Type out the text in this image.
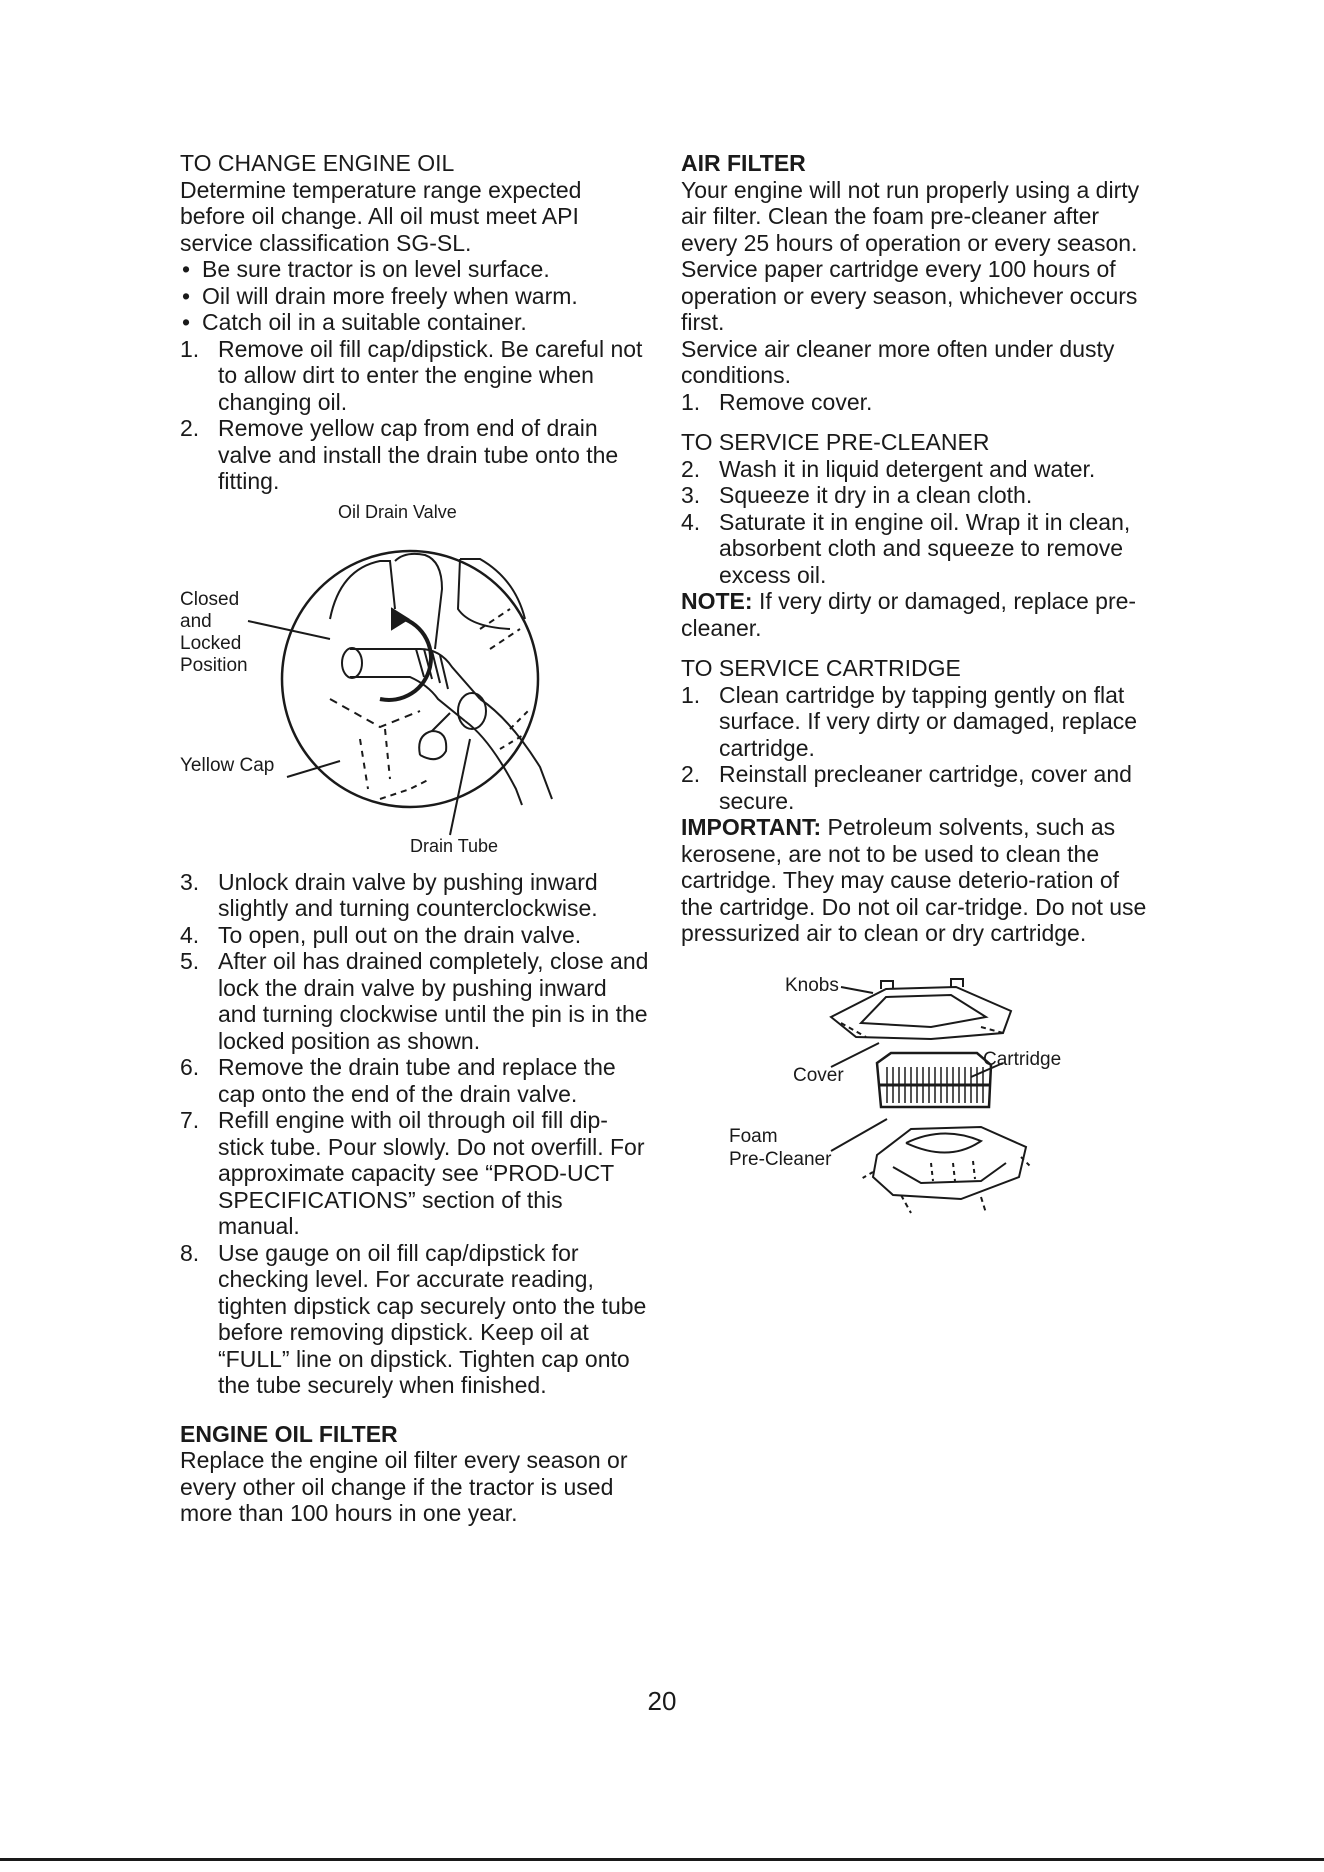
TO CHANGE ENGINE OIL

Determine temperature range expected before oil change. All oil must meet API service classification SG-SL.

• Be sure tractor is on level surface.
• Oil will drain more freely when warm.
• Catch oil in a suitable container.
1. Remove oil fill cap/dipstick. Be careful not to allow dirt to enter the engine when changing oil.
2. Remove yellow cap from end of drain valve and install the drain tube onto the fitting.
Oil Drain Valve
Closed
and
Locked
Position
Yellow Cap
Drain Tube
3. Unlock drain valve by pushing inward slightly and turning counterclockwise.
4. To open, pull out on the drain valve.
5. After oil has drained completely, close and lock the drain valve by pushing inward and turning clockwise until the pin is in the locked position as shown.
6. Remove the drain tube and replace the cap onto the end of the drain valve.
7. Refill engine with oil through oil fill dip-stick tube. Pour slowly. Do not overfill. For approximate capacity see “PROD-UCT SPECIFICATIONS” section of this manual.
8. Use gauge on oil fill cap/dipstick for checking level. For accurate reading, tighten dipstick cap securely onto the tube before removing dipstick. Keep oil at “FULL” line on dipstick. Tighten cap onto the tube securely when finished.

ENGINE OIL FILTER

Replace the engine oil filter every season or every other oil change if the tractor is used more than 100 hours in one year.

AIR FILTER

Your engine will not run properly using a dirty air filter. Clean the foam pre-cleaner after every 25 hours of operation or every season. Service paper cartridge every 100 hours of operation or every season, whichever occurs first.

Service air cleaner more often under dusty conditions.

1. Remove cover.

TO SERVICE PRE-CLEANER

2. Wash it in liquid detergent and water.
3. Squeeze it dry in a clean cloth.
4. Saturate it in engine oil. Wrap it in clean, absorbent cloth and squeeze to remove excess oil.

NOTE: If very dirty or damaged, replace pre-cleaner.

TO SERVICE CARTRIDGE

1. Clean cartridge by tapping gently on flat surface. If very dirty or damaged, replace cartridge.
2. Reinstall precleaner cartridge, cover and secure.

IMPORTANT: Petroleum solvents, such as kerosene, are not to be used to clean the cartridge. They may cause deterio-ration of the cartridge. Do not oil car-tridge. Do not use pressurized air to clean or dry cartridge.

Knobs
Cartridge
Cover
Foam
Pre-Cleaner
20
